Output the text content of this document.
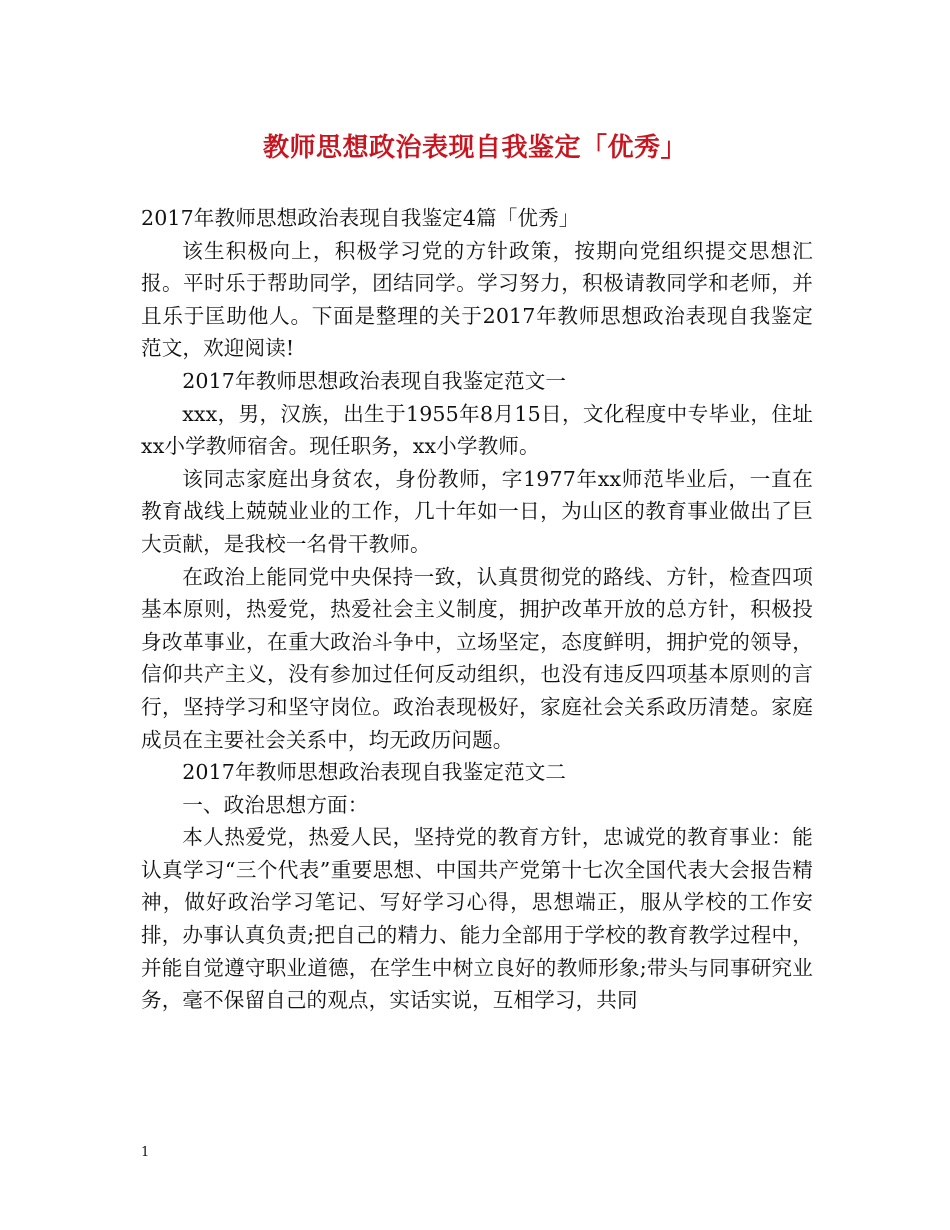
教师思想政治表现自我鉴定「优秀」

2017年教师思想政治表现自我鉴定4篇「优秀」

该生积极向上，积极学习党的方针政策，按期向党组织提交思想汇报。平时乐于帮助同学，团结同学。学习努力，积极请教同学和老师，并且乐于匡助他人。下面是整理的关于2017年教师思想政治表现自我鉴定范文，欢迎阅读!

2017年教师思想政治表现自我鉴定范文一

xxx，男，汉族，出生于1955年8月15日，文化程度中专毕业，住址xx小学教师宿舍。现任职务，xx小学教师。

该同志家庭出身贫农，身份教师，字1977年xx师范毕业后，一直在教育战线上兢兢业业的工作，几十年如一日，为山区的教育事业做出了巨大贡献，是我校一名骨干教师。

在政治上能同党中央保持一致，认真贯彻党的路线、方针，检查四项基本原则，热爱党，热爱社会主义制度，拥护改革开放的总方针，积极投身改革事业，在重大政治斗争中，立场坚定，态度鲜明，拥护党的领导，信仰共产主义，没有参加过任何反动组织，也没有违反四项基本原则的言行，坚持学习和坚守岗位。政治表现极好，家庭社会关系政历清楚。家庭成员在主要社会关系中，均无政历问题。

2017年教师思想政治表现自我鉴定范文二

一、政治思想方面：

本人热爱党，热爱人民，坚持党的教育方针，忠诚党的教育事业：能认真学习“三个代表”重要思想、中国共产党第十七次全国代表大会报告精神，做好政治学习笔记、写好学习心得，思想端正，服从学校的工作安排，办事认真负责;把自己的精力、能力全部用于学校的教育教学过程中，并能自觉遵守职业道德，在学生中树立良好的教师形象;带头与同事研究业务，毫不保留自己的观点，实话实说，互相学习，共同

1
